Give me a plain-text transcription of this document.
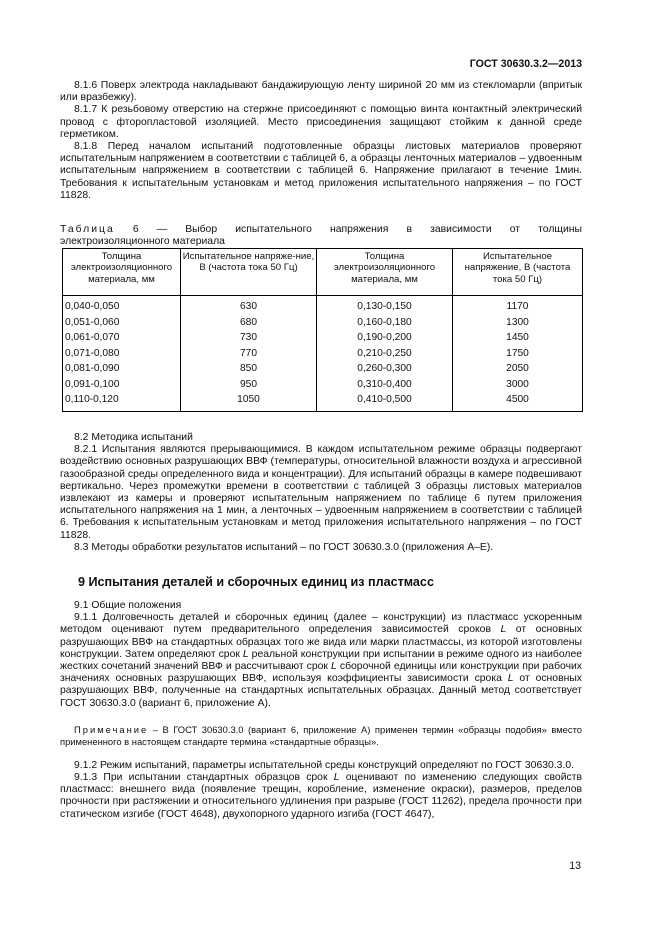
ГОСТ 30630.3.2—2013

8.1.6 Поверх электрода накладывают бандажирующую ленту шириной 20 мм из стекломарли (впритык или вразбежку).

8.1.7 К резьбовому отверстию на стержне присоединяют с помощью винта контактный электрический провод с фторопластовой изоляцией. Место присоединения защищают стойким к данной среде герметиком.

8.1.8 Перед началом испытаний подготовленные образцы листовых материалов проверяют испытательным напряжением в соответствии с таблицей 6, а образцы ленточных материалов – удвоенным испытательным напряжением в соответствии с таблицей 6. Напряжение прилагают в течение 1мин. Требования к испытательным установкам и метод приложения испытательного напряжения – по ГОСТ 11828.

Таблица 6 — Выбор испытательного напряжения в зависимости от толщины
электроизоляционного материала
Толщина электроизоляционного материала, мм	Испытательное напряже-ние, В (частота тока 50 Гц)	Толщина электроизоляционного материала, мм	Испытательное напряжение, В (частота тока 50 Гц)
0,040-0,050	630	0,130-0,150	1170
0,051-0,060	680	0,160-0,180	1300
0,061-0,070	730	0,190-0,200	1450
0,071-0,080	770	0,210-0,250	1750
0,081-0,090	850	0,260-0,300	2050
0,091-0,100	950	0,310-0,400	3000
0,110-0,120	1050	0,410-0,500	4500

8.2 Методика испытаний

8.2.1 Испытания являются прерывающимися. В каждом испытательном режиме образцы подвергают воздействию основных разрушающих ВВФ (температуры, относительной влажности воздуха и агрессивной газообразной среды определенного вида и концентрации). Для испытаний образцы в камере подвешивают вертикально. Через промежутки времени в соответствии с таблицей 3 образцы листовых материалов извлекают из камеры и проверяют испытательным напряжением по таблице 6 путем приложения испытательного напряжения на 1 мин, а ленточных – удвоенным напряжением в соответствии с таблицей 6. Требования к испытательным установкам и метод приложения испытательного напряжения – по ГОСТ 11828.

8.3 Методы обработки результатов испытаний – по ГОСТ 30630.3.0 (приложения А–Е).

9 Испытания деталей и сборочных единиц из пластмасс

9.1 Общие положения

9.1.1 Долговечность деталей и сборочных единиц (далее – конструкции) из пластмасс ускоренным методом оценивают путем предварительного определения зависимостей сроков L от основных разрушающих ВВФ на стандартных образцах того же вида или марки пластмассы, из которой изготовлены конструкции. Затем определяют срок L реальной конструкции при испытании в режиме одного из наиболее жестких сочетаний значений ВВФ и рассчитывают срок L сборочной единицы или конструкции при рабочих значениях основных разрушающих ВВФ, используя коэффициенты зависимости срока L от основных разрушающих ВВФ, полученные на стандартных испытательных образцах. Данный метод соответствует ГОСТ 30630.3.0 (вариант 6, приложение А).

Примечание – В ГОСТ 30630.3.0 (вариант 6, приложение А) применен термин «образцы подобия» вместо примененного в настоящем стандарте термина «стандартные образцы».

9.1.2 Режим испытаний, параметры испытательной среды конструкций определяют по ГОСТ 30630.3.0.

9.1.3 При испытании стандартных образцов срок L оценивают по изменению следующих свойств пластмасс: внешнего вида (появление трещин, коробление, изменение окраски), размеров, пределов прочности при растяжении и относительного удлинения при разрыве (ГОСТ 11262), предела прочности при статическом изгибе (ГОСТ 4648), двухопорного ударного изгиба (ГОСТ 4647),

13
